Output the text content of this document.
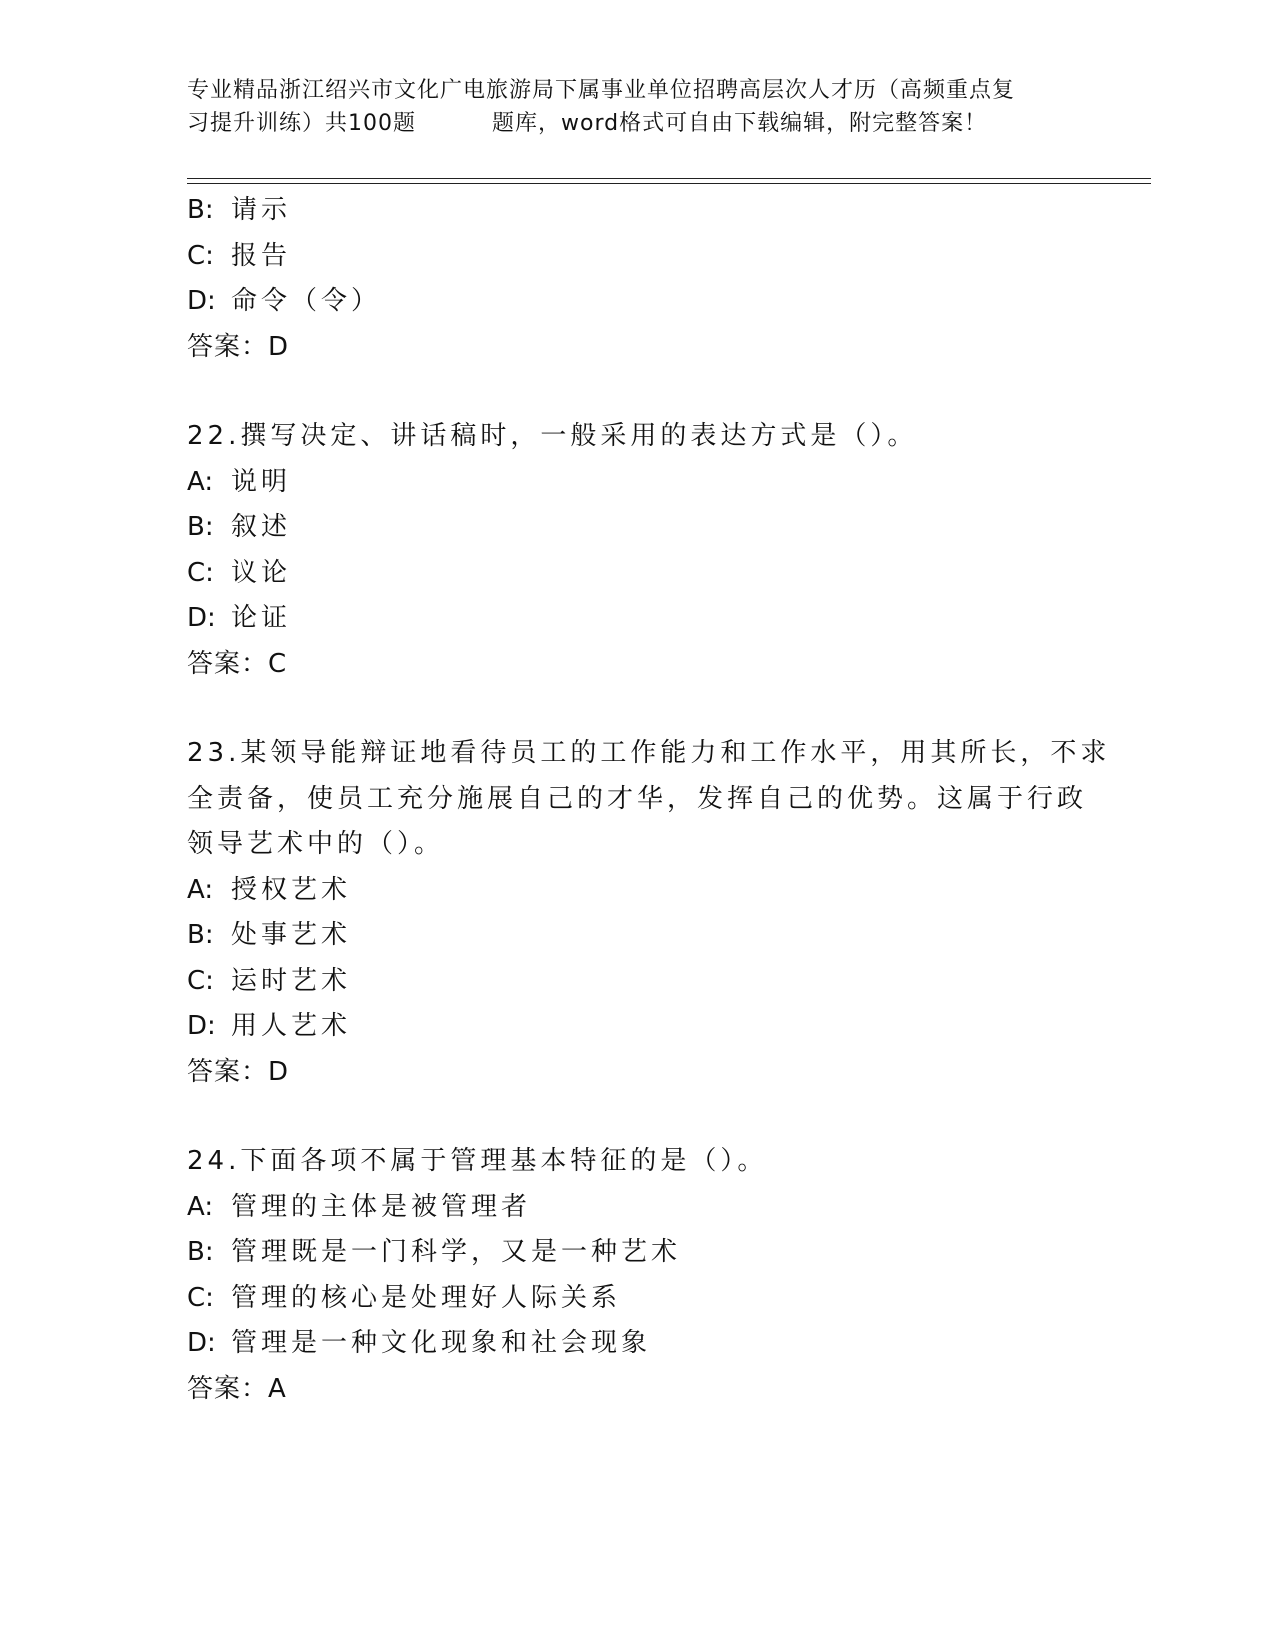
专业精品浙江绍兴市文化广电旅游局下属事业单位招聘高层次人才历（高频重点复
习提升训练）共100题	题库，word格式可自由下载编辑，附完整答案！
B: 请示
C: 报告
D: 命令（令）
答案：D
22.撰写决定、讲话稿时，一般采用的表达方式是（）。
A: 说明
B: 叙述
C: 议论
D: 论证
答案：C
23.某领导能辩证地看待员工的工作能力和工作水平，用其所长，不求
全责备，使员工充分施展自己的才华，发挥自己的优势。这属于行政
领导艺术中的（）。
A: 授权艺术
B: 处事艺术
C: 运时艺术
D: 用人艺术
答案：D
24.下面各项不属于管理基本特征的是（）。
A: 管理的主体是被管理者
B: 管理既是一门科学，又是一种艺术
C: 管理的核心是处理好人际关系
D: 管理是一种文化现象和社会现象
答案：A
